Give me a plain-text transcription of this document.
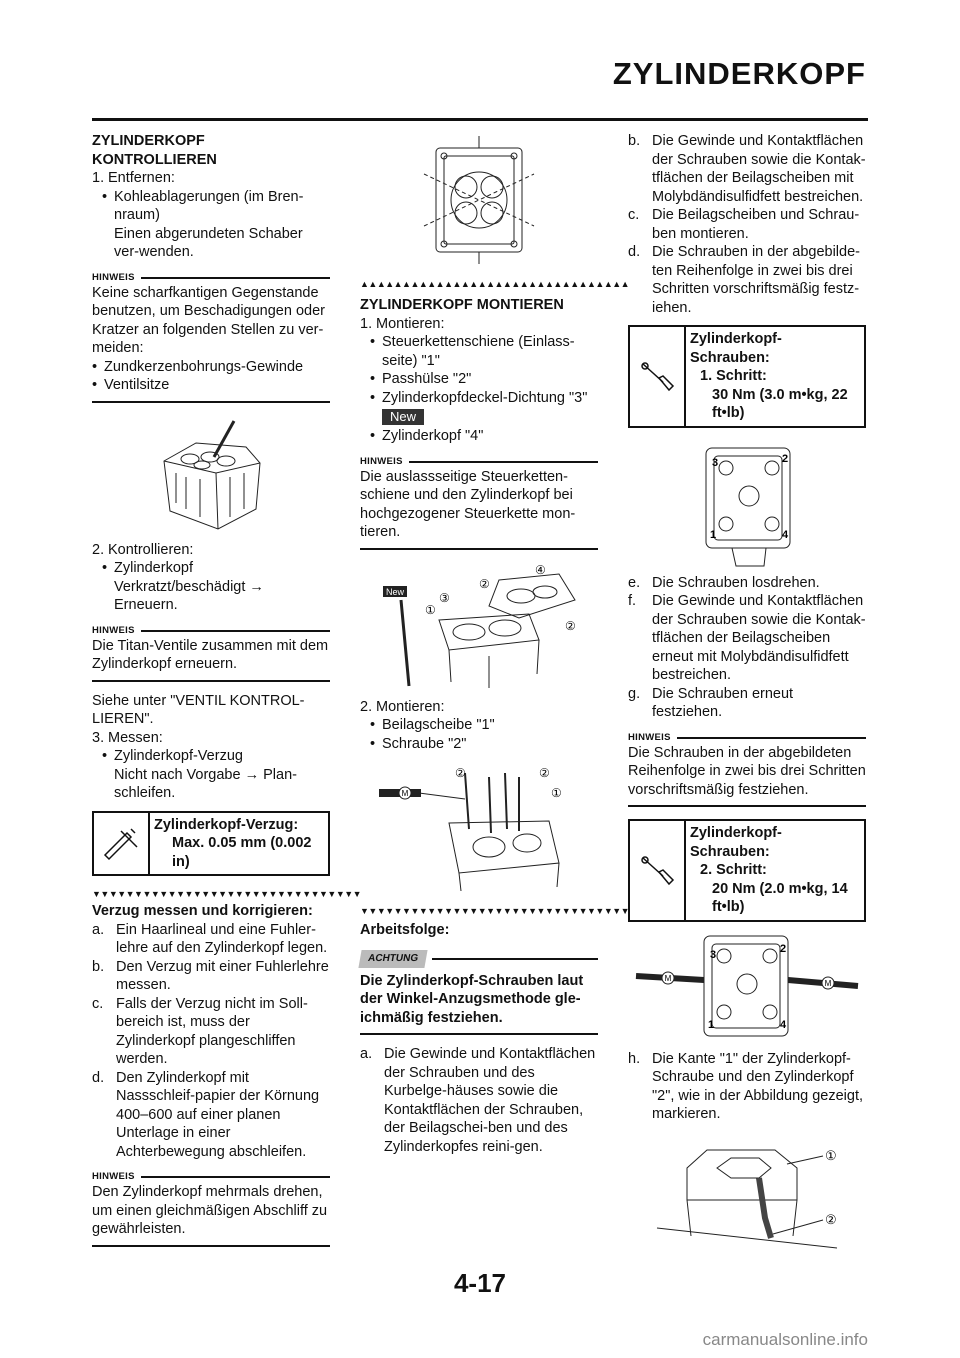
ZYLINDERKOPF

ZYLINDERKOPF
KONTROLLIEREN

1. Entfernen:
• Kohleablagerungen (im Bren-nraum)

Einen abgerundeten Schaber ver-wenden.

HINWEIS

Keine scharfkantigen Gegenstande benutzen, um Beschadigungen oder Kratzer an folgenden Stellen zu ver-meiden:

• Zundkerzenbohrungs-Gewinde
• Ventilsitze
2. Kontrollieren:
• Zylinderkopf

Verkratzt/beschädigt →

Erneuern.

HINWEIS

Die Titan-Ventile zusammen mit dem Zylinderkopf erneuern.

Siehe unter "VENTIL KONTROL-LIEREN".

3. Messen:
• Zylinderkopf-Verzug

Nicht nach Vorgabe → Plan-schleifen.

Zylinderkopf-Verzug:

Max. 0.05 mm (0.002 in)

▼▼▼▼▼▼▼▼▼▼▼▼▼▼▼▼▼▼▼▼▼▼▼▼▼▼▼▼▼▼▼▼

Verzug messen und korrigieren:

a. Ein Haarlineal und eine Fuhler-lehre auf den Zylinderkopf legen.
b. Den Verzug mit einer Fuhlerlehre messen.
c. Falls der Verzug nicht im Soll-bereich ist, muss der Zylinderkopf plangeschliffen werden.
d. Den Zylinderkopf mit Nassschleif-papier der Körnung 400–600 auf einer planen Unterlage in einer Achterbewegung abschleifen.
HINWEIS

Den Zylinderkopf mehrmals drehen, um einen gleichmäßigen Abschliff zu gewährleisten.

▲▲▲▲▲▲▲▲▲▲▲▲▲▲▲▲▲▲▲▲▲▲▲▲▲▲▲▲▲▲▲▲

ZYLINDERKOPF MONTIEREN

1. Montieren:
• Steuerkettenschiene (Einlass-seite) "1"
• Passhülse "2"
• Zylinderkopfdeckel-Dichtung "3"
New
• Zylinderkopf "4"
HINWEIS

Die auslassseitige Steuerketten-schiene und den Zylinderkopf bei hochgezogener Steuerkette mon-tieren.

New
①
③
②
④
②
2. Montieren:
• Beilagscheibe "1"
• Schraube "2"
M
②	②
①
▼▼▼▼▼▼▼▼▼▼▼▼▼▼▼▼▼▼▼▼▼▼▼▼▼▼▼▼▼▼▼▼

Arbeitsfolge:

ACHTUNG

Die Zylinderkopf-Schrauben laut der Winkel-Anzugsmethode gle-ichmäßig festziehen.

a. Die Gewinde und Kontaktflächen der Schrauben und des Kurbelge-häuses sowie die Kontaktflächen der Schrauben, der Beilagschei-ben und des Zylinderkopfes reini-gen.
b. Die Gewinde und Kontaktflächen der Schrauben sowie die Kontak-tflächen der Beilagscheiben mit Molybdändisulfidfett bestreichen.
c. Die Beilagscheiben und Schrau-ben montieren.
d. Die Schrauben in der abgebilde-ten Reihenfolge in zwei bis drei Schritten vorschriftsmäßig festz-iehen.

Zylinderkopf-Schrauben:

1. Schritt:

30 Nm (3.0 m•kg, 22 ft•lb)

3	2
1	4
e. Die Schrauben losdrehen.
f.	Die Gewinde und Kontaktflächen der Schrauben sowie die Kontak-tflächen der Beilagscheiben erneut mit Molybdändisulfidfett bestreichen.
g. Die Schrauben erneut festziehen.
HINWEIS

Die Schrauben in der abgebildeten Reihenfolge in zwei bis drei Schritten vorschriftsmäßig festziehen.

Zylinderkopf-Schrauben:

2. Schritt:

20 Nm (2.0 m•kg, 14 ft•lb)

M
M
3	2
1	4
h. Die Kante "1" der Zylinderkopf-Schraube und den Zylinderkopf "2", wie in der Abbildung gezeigt, markieren.
①
②
4-17
carmanualsonline.info
